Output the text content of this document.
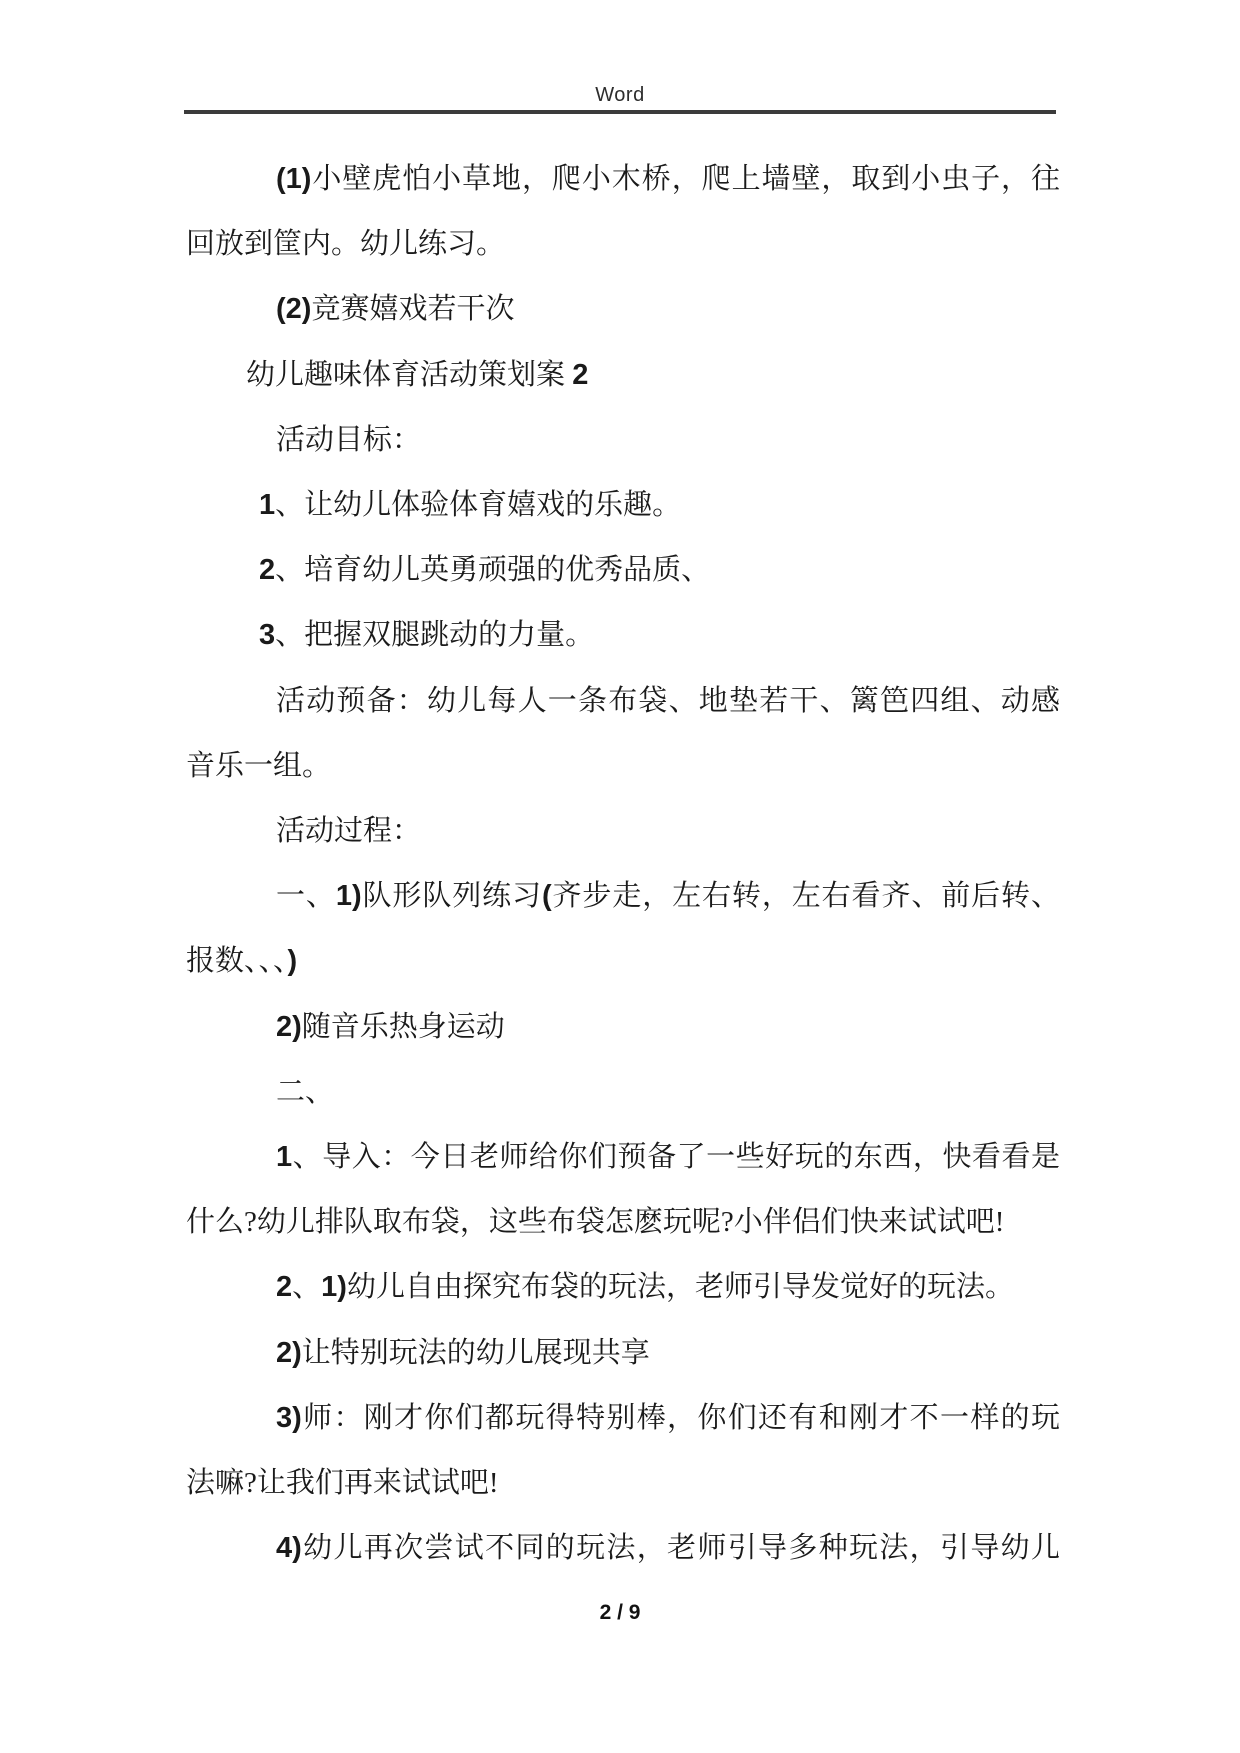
Word
(1)小壁虎怕小草地，爬小木桥，爬上墙壁，取到小虫子，往
回放到筐内。幼儿练习。
(2)竞赛嬉戏若干次
幼儿趣味体育活动策划案 2
活动目标：
1、让幼儿体验体育嬉戏的乐趣。
2、培育幼儿英勇顽强的优秀品质、
3、把握双腿跳动的力量。
活动预备：幼儿每人一条布袋、地垫若干、篱笆四组、动感
音乐一组。
活动过程：
一、1)队形队列练习(齐步走，左右转，左右看齐、前后转、
报数、、、)
2)随音乐热身运动
二、
1、导入：今日老师给你们预备了一些好玩的东西，快看看是
什么?幼儿排队取布袋，这些布袋怎麽玩呢?小伴侣们快来试试吧!
2、1)幼儿自由探究布袋的玩法，老师引导发觉好的玩法。
2)让特别玩法的幼儿展现共享
3)师：刚才你们都玩得特别棒，你们还有和刚才不一样的玩
法嘛?让我们再来试试吧!
4)幼儿再次尝试不同的玩法，老师引导多种玩法，引导幼儿
2 / 9
